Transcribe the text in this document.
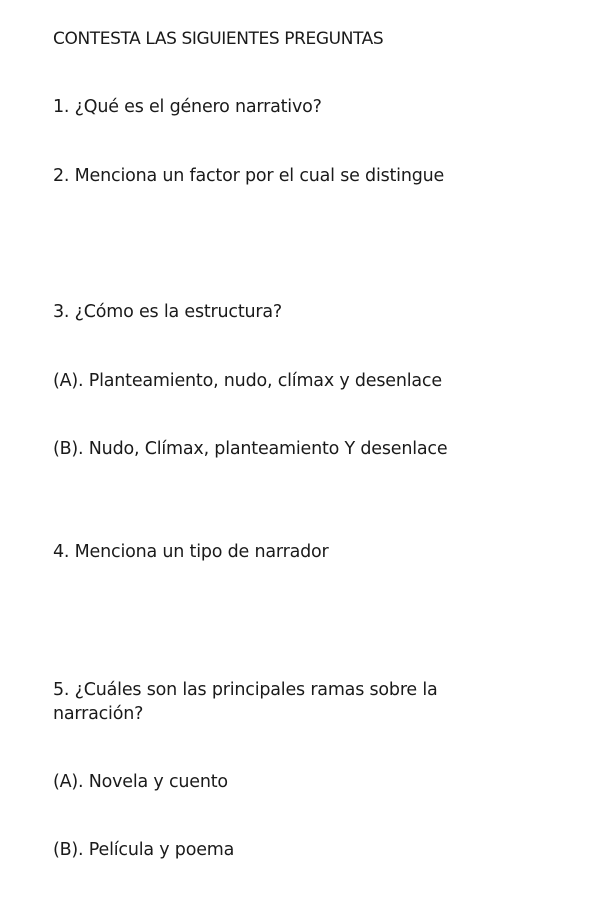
CONTESTA LAS SIGUIENTES PREGUNTAS
1. ¿Qué es el género narrativo?
2. Menciona un factor por el cual se distingue
3. ¿Cómo es la estructura?
(A). Planteamiento, nudo, clímax y desenlace
(B). Nudo, Clímax, planteamiento Y desenlace
4. Menciona un tipo de narrador
5. ¿Cuáles son las principales ramas sobre la
narración?
(A). Novela y cuento
(B). Película y poema
